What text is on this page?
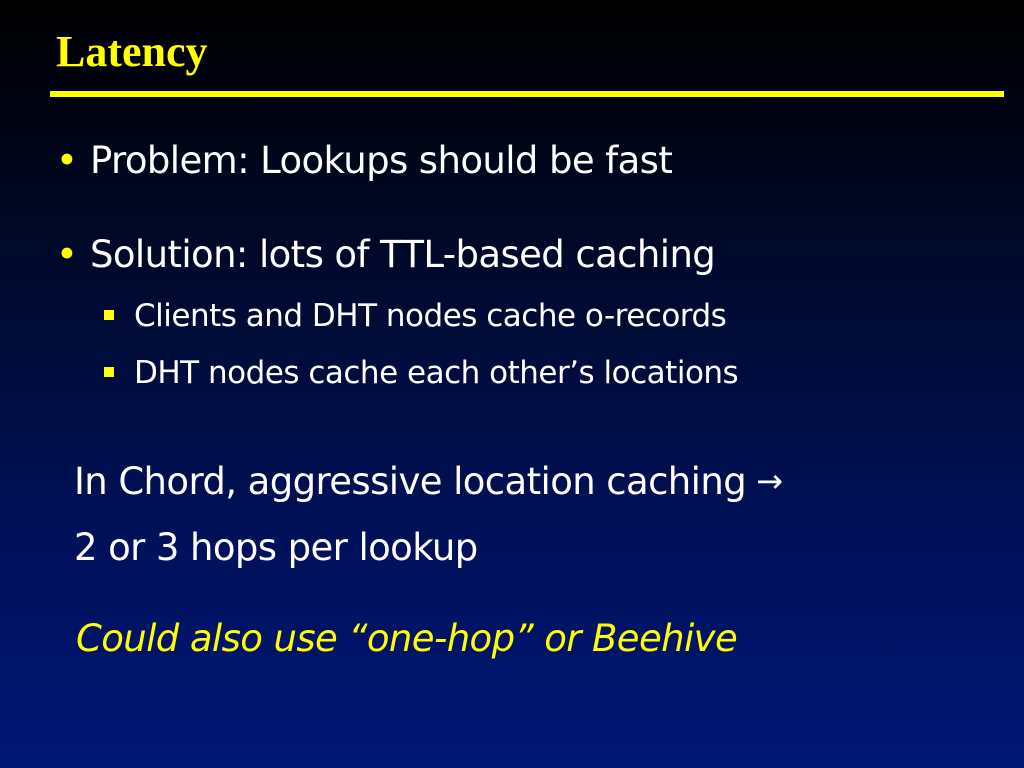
Latency
• Problem: Lookups should be fast
• Solution: lots of TTL-based caching
Clients and DHT nodes cache o-records
DHT nodes cache each other’s locations
In Chord, aggressive location caching →
2 or 3 hops per lookup
Could also use “one-hop” or Beehive
